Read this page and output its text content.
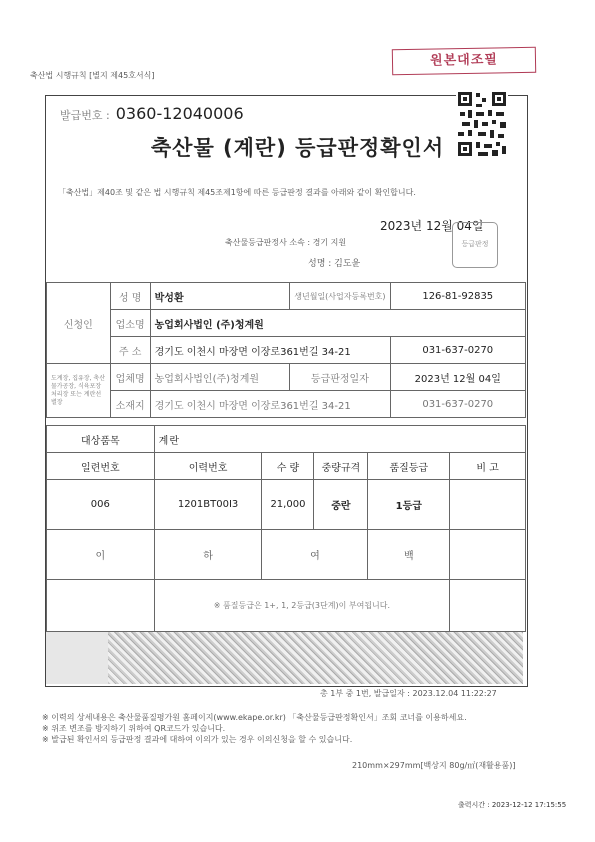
축산법 시행규칙 [별지 제45호서식]
원본대조필
발급번호 : 0360-12040006
축산물 (계란) 등급판정확인서
「축산법」제40조 및 같은 법 시행규칙 제45조제1항에 따른 등급판정 결과를 아래와 같이 확인합니다.
2023년 12월 04일
축산물등급판정사 소속 : 경기 지원
성명 : 김도윤
등급판정
신청인	성 명	박성환	생년월일(사업자등록번호)	126-81-92835
	업소명	농업회사법인 (주)청계원		
	주 소	경기도 이천시 마장면 이장로361번길 34-21		031-637-0270
도계장, 집유장, 축산물가공장, 식육포장처리장 또는 계란선별장	업체명	농업회사법인(주)청계원	등급판정일자	2023년 12월 04일
	소재지	경기도 이천시 마장면 이장로361번길 34-21		031-637-0270
대상품목	계란				
일련번호	이력번호	수 량	중량규격	품질등급	비 고
006	1201BT00I3	21,000	중란	1등급	
이	하	여		백	
	※ 품질등급은 1+, 1, 2등급(3단계)이 부여됩니다.				
총 1부 중 1번, 발급일자 : 2023.12.04 11:22:27
※ 이력의 상세내용은 축산물품질평가원 홈페이지(www.ekape.or.kr) 「축산물등급판정확인서」조회 코너를 이용하세요.
※ 위조 변조를 방지하기 위하여 QR코드가 있습니다.
※ 발급된 확인서의 등급판정 결과에 대하여 이의가 있는 경우 이의신청을 할 수 있습니다.
210mm×297mm[백상지 80g/㎡(재활용품)]
출력시간 : 2023-12-12 17:15:55
